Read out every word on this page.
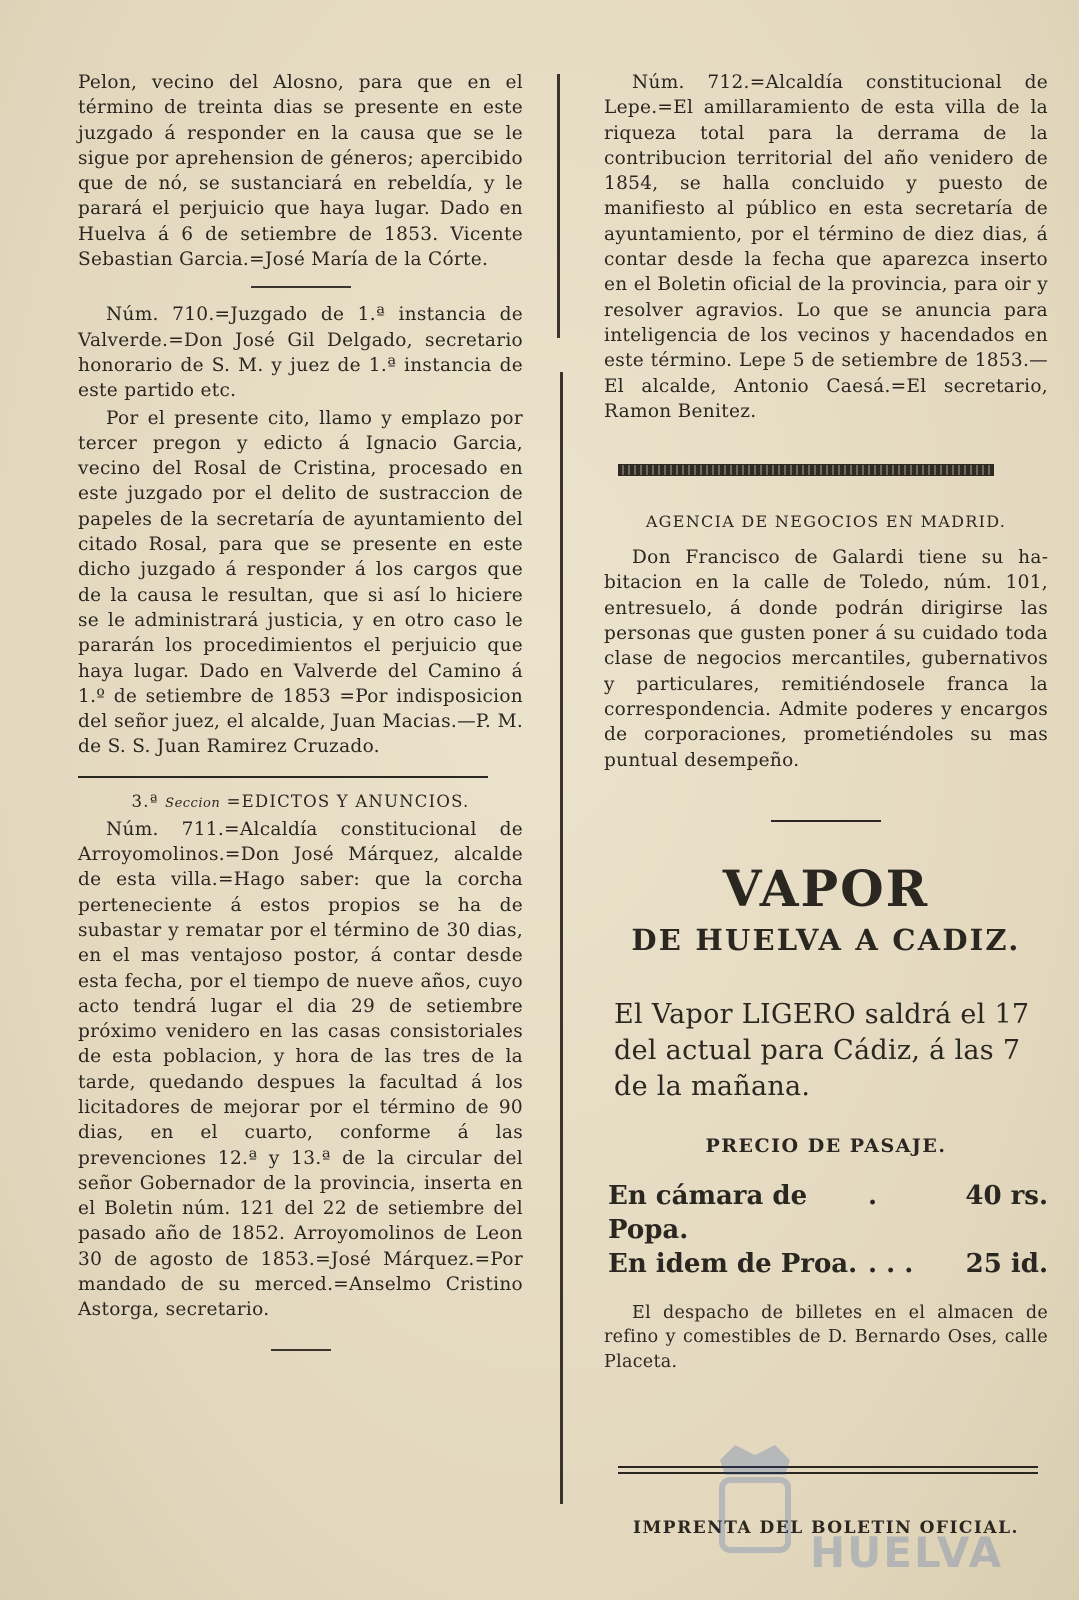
Pelon, vecino del Alosno, para que en el término de treinta dias se presente en este juzgado á responder en la causa que se le sigue por aprehension de géneros; apercibido que de nó, se sustanciará en rebeldía, y le parará el perjuicio que haya lugar. Dado en Huelva á 6 de setiembre de 1853. Vicente Sebastian Garcia.=José María de la Córte.

Núm. 710.=Juzgado de 1.ª instancia de Valverde.=Don José Gil Delgado, secretario honorario de S. M. y juez de 1.ª instancia de este partido etc.

Por el presente cito, llamo y emplazo por tercer pregon y edicto á Ignacio Garcia, vecino del Rosal de Cristina, procesado en este juzgado por el delito de sustraccion de papeles de la secretaría de ayuntamiento del citado Rosal, para que se presente en este dicho juzgado á responder á los cargos que de la causa le resultan, que si así lo hiciere se le administrará justicia, y en otro caso le pararán los procedimientos el perjuicio que haya lugar. Dado en Valverde del Camino á 1.º de setiembre de 1853 =Por indisposicion del señor juez, el alcalde, Juan Macias.—P. M. de S. S. Juan Ramirez Cruzado.

3.ª Seccion =EDICTOS Y ANUNCIOS.

Núm. 711.=Alcaldía constitucional de Arroyomolinos.=Don José Márquez, alcalde de esta villa.=Hago saber: que la corcha perteneciente á estos propios se ha de subastar y rematar por el término de 30 dias, en el mas ventajoso postor, á contar desde esta fecha, por el tiempo de nueve años, cuyo acto tendrá lugar el dia 29 de setiembre próximo venidero en las casas consistoriales de esta poblacion, y hora de las tres de la tarde, quedando despues la facultad á los licitadores de mejorar por el término de 90 dias, en el cuarto, conforme á las prevenciones 12.ª y 13.ª de la circular del señor Gobernador de la provincia, inserta en el Boletin núm. 121 del 22 de setiembre del pasado año de 1852. Arroyomolinos de Leon 30 de agosto de 1853.=José Márquez.=Por mandado de su merced.=Anselmo Cristino Astorga, secretario.

Núm. 712.=Alcaldía constitucional de Lepe.=El amillaramiento de esta villa de la riqueza total para la derrama de la contribucion territorial del año venidero de 1854, se halla concluido y puesto de manifiesto al público en esta secretaría de ayuntamiento, por el término de diez dias, á contar desde la fecha que aparezca inserto en el Boletin oficial de la provincia, para oir y resolver agravios. Lo que se anuncia para inteligencia de los vecinos y hacendados en este término. Lepe 5 de setiembre de 1853.—El alcalde, Antonio Caesá.=El secretario, Ramon Benitez.

AGENCIA DE NEGOCIOS EN MADRID.

Don Francisco de Galardi tiene su habitacion en la calle de Toledo, núm. 101, entresuelo, á donde podrán dirigirse las personas que gusten poner á su cuidado toda clase de negocios mercantiles, gubernativos y particulares, remitiéndosele franca la correspondencia. Admite poderes y encargos de corporaciones, prometiéndoles su mas puntual desempeño.

VAPOR
DE HUELVA A CADIZ.

El Vapor LIGERO saldrá el 17 del actual para Cádiz, á las 7 de la mañana.

PRECIO DE PASAJE.
En cámara de Popa.
.	40 rs.
En idem de Proa. . . .	25 id.

El despacho de billetes en el almacen de refino y comestibles de D. Bernardo Oses, calle Placeta.

IMPRENTA DEL BOLETIN OFICIAL.
HUELVA
